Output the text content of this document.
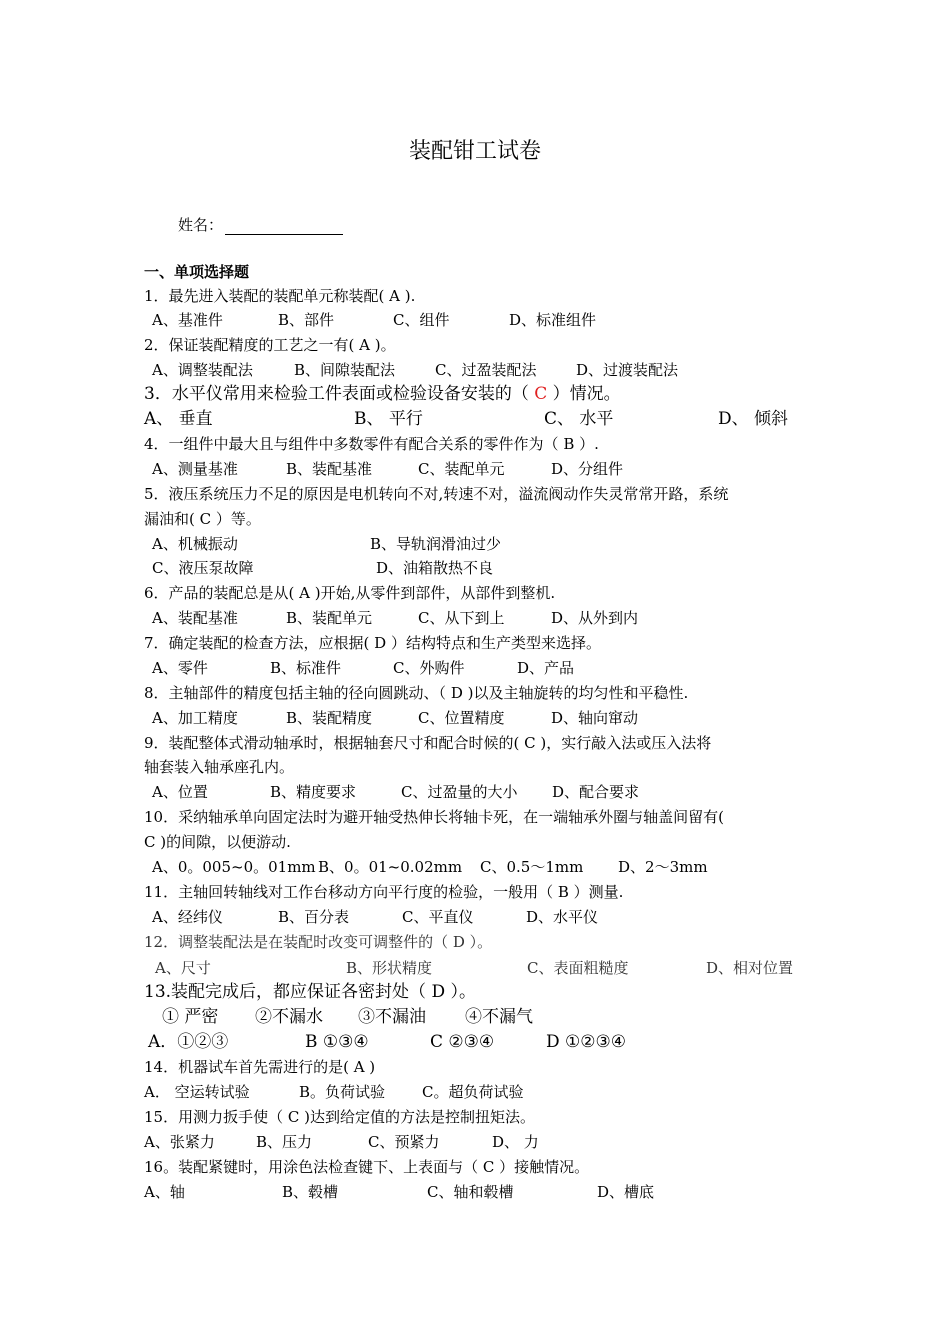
装配钳工试卷
姓名：
一、单项选择题
1．最先进入装配的装配单元称装配( A ).
A、基准件	B、部件	C、组件	D、标准组件
2．保证装配精度的工艺之一有( A )。
A、调整装配法	B、间隙装配法	C、过盈装配法	D、过渡装配法
3．水平仪常用来检验工件表面或检验设备安装的（ C ）情况。
A、 垂直	B、 平行	C、 水平	D、 倾斜
4．一组件中最大且与组件中多数零件有配合关系的零件作为（ B ）.
A、测量基准	B、装配基准	C、装配单元	D、分组件
5．液压系统压力不足的原因是电机转向不对,转速不对，溢流阀动作失灵常常开路，系统
漏油和( C ）等。
A、机械振动	B、导轨润滑油过少
C、液压泵故障	D、油箱散热不良
6．产品的装配总是从( A )开始,从零件到部件，从部件到整机.
A、装配基准	B、装配单元	C、从下到上	D、从外到内
7．确定装配的检查方法，应根据( D ）结构特点和生产类型来选择。
A、零件	B、标准件	C、外购件	D、产品
8．主轴部件的精度包括主轴的径向圆跳动、（ D )以及主轴旋转的均匀性和平稳性.
A、加工精度	B、装配精度	C、位置精度	D、轴向窜动
9．装配整体式滑动轴承时，根据轴套尺寸和配合时候的( C )，实行敲入法或压入法将
轴套装入轴承座孔内。
A、位置	B、精度要求	C、过盈量的大小 D、配合要求
10．采纳轴承单向固定法时为避开轴受热伸长将轴卡死，在一端轴承外圈与轴盖间留有(
C )的间隙，以便游动.
A、0。005~0。01mm B、0。01~0.02mm C、0.5～1mm D、2～3mm
11．主轴回转轴线对工作台移动方向平行度的检验，一般用（ B ）测量.
A、经纬仪	B、百分表	C、平直仪	D、水平仪
12．调整装配法是在装配时改变可调整件的（ D ）。
A、尺寸	B、形状精度	C、表面粗糙度	D、相对位置
13.装配完成后，都应保证各密封处（ D ）。
① 严密 ②不漏水 ③不漏油 ④不漏气
A．①②③	B ①③④	C ②③④	D ①②③④
14．机器试车首先需进行的是( A )
A． 空运转试验	B。负荷试验 C。超负荷试验
15．用测力扳手使（ C )达到给定值的方法是控制扭矩法。
A、张紧力	B、压力	C、预紧力	D、 力
16。装配紧键时，用涂色法检查键下、上表面与（ C ）接触情况。
A、轴	B、毂槽	C、轴和毂槽	D、槽底
